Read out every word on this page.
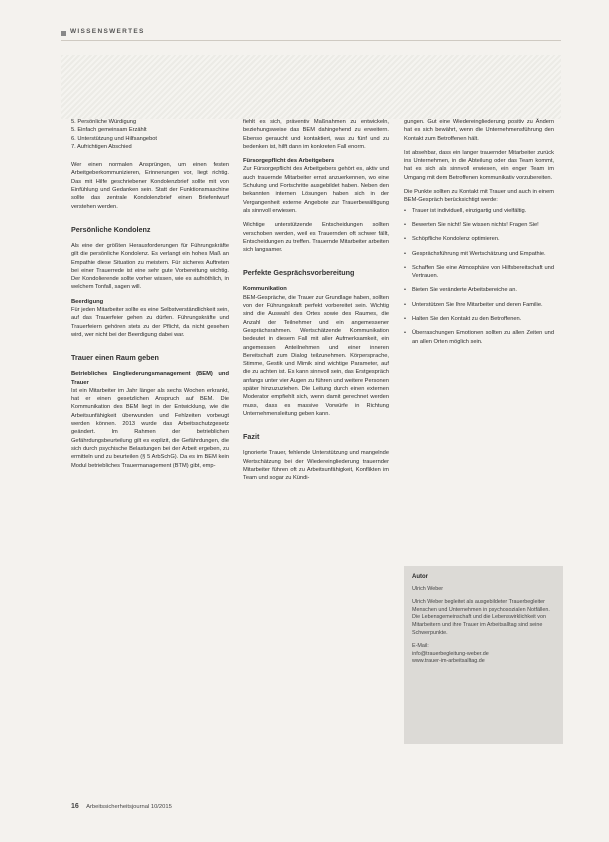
WISSENSWERTES

5. Persönliche Würdigung

5. Einfach gemeinsam Erzählt

6. Unterstützung und Hilfsangebot

7. Aufrichtigen Abschied

Wer einen normalen Ansprüngen, um einen festen Arbeitgeberkommunizieren, Erinnerungen vor, liegt richtig. Das mit Hilfe geschriebener Kondolenzbrief sollte mit von Einfühlung und Gedanken sein. Statt der Funktionsmaschine sollte das zentrale Kondolenzbrief einen Briefentwurf verstehen werden.

Persönliche Kondolenz

Als eine der größten Herausforderungen für Führungskräfte gilt die persönliche Kondolenz. Es verlangt ein hohes Maß an Empathie diese Situation zu meistern. Für sicheres Auftreten bei einer Trauerrede ist eine sehr gute Vorbereitung wichtig. Der Kondolierende sollte vorher wissen, wie es aufnöthlich, in welchem Tonfall, sagen will.

Beerdigung

Für jeden Mitarbeiter sollte es eine Selbstverständlichkeit sein, auf das Trauerfeier gehen zu dürfen. Führungskräfte und Trauerfeiern gehören stets zu der Pflicht, da nicht gesehen wird, wer nicht bei der Beerdigung dabei war.

Trauer einen Raum geben
Betriebliches Eingliederungsmanagement (BEM) und Trauer

Ist ein Mitarbeiter im Jahr länger als sechs Wochen erkrankt, hat er einen gesetzlichen Anspruch auf BEM. Die Kommunikation des BEM liegt in der Entwicklung, wie die Arbeitsunfähigkeit überwunden und Fehlzeiten vorbeugt werden können. 2013 wurde das Arbeitsschutzgesetz geändert. Im Rahmen der betrieblichen Gefährdungsbeurteilung gilt es explizit, die Gefährdungen, die sich durch psychische Belastungen bei der Arbeit ergeben, zu ermitteln und zu beurteilen (§ 5 ArbSchG). Da es im BEM kein Modul betriebliches Trauermanagement (BTM) gibt, emp-

fiehlt es sich, präventiv Maßnahmen zu entwickeln, beziehungsweise das BEM dahingehend zu erweitern. Ebenso geraucht und kontaktiert, was zu fünf und zu bedenken ist, hilft dann im konkreten Fall enorm.

Fürsorgepflicht des Arbeitgebers

Zur Fürsorgepflicht des Arbeitgebers gehört es, aktiv und auch trauernde Mitarbeiter ernst anzuerkennen, wo eine Schulung und Fortschritte ausgebildet haben. Neben den bekannten internen Lösungen haben sich in der Vergangenheit externe Angebote zur Trauerbewältigung als sinnvoll erwiesen.

Wichtige unterstützende Entscheidungen sollten verschoben werden, weil es Trauernden oft schwer fällt, Entscheidungen zu treffen. Trauernde Mitarbeiter arbeiten sich langsamer.

Perfekte Gesprächsvorbereitung
Kommunikation

BEM-Gespräche, die Trauer zur Grundlage haben, sollten von der Führungskraft perfekt vorbereitet sein. Wichtig sind die Auswahl des Ortes sowie des Raumes, die Anzahl der Teilnehmer und ein angemessener Gesprächsrahmen. Wertschätzende Kommunikation bedeutet in diesem Fall mit aller Aufmerksamkeit, ein angemessen Anteilnehmen und einer inneren Bereitschaft zum Dialog teilzunehmen. Körpersprache, Stimme, Gestik und Mimik sind wichtige Parameter, auf die zu achten ist. Es kann sinnvoll sein, das Erstgespräch anfangs unter vier Augen zu führen und weitere Personen später hinzuzuziehen. Die Leitung durch einen externen Moderator empfiehlt sich, wenn damit gerechnet werden muss, dass es massive Vorwürfe in Richtung Unternehmensleitung geben kann.

Fazit

Ignorierte Trauer, fehlende Unterstützung und mangelnde Wertschätzung bei der Wiedereingliederung trauernder Mitarbeiter führen oft zu Arbeitsunfähigkeit, Konflikten im Team und sogar zu Kündi-

gungen. Gut eine Wiedereingliederung positiv zu Ändern hat es sich bewährt, wenn die Unternehmensführung den Kontakt zum Betroffenen hält.

Ist absehbar, dass ein langer trauernder Mitarbeiter zurück ins Unternehmen, in die Abteilung oder das Team kommt, hat es sich als sinnvoll erwiesen, ein enger Team im Umgang mit dem Betroffenen kommunikativ vorzubereiten.

Die Punkte sollten zu Kontakt mit Trauer und auch in einem BEM-Gespräch berücksichtigt werde:

• Trauer ist individuell, einzigartig und vielfältig.

• Bewerten Sie nicht! Sie wissen nichts! Fragen Sie!

• Schöpfliche Kondolenz optimieren.

• Gesprächsführung mit Wertschätzung und Empathie.

• Schaffen Sie eine Atmosphäre von Hilfsbereitschaft und Vertrauen.

• Bieten Sie veränderte Arbeitsbereiche an.

• Unterstützen Sie Ihre Mitarbeiter und deren Familie.

• Halten Sie den Kontakt zu den Betroffenen.

• Überraschungen Emotionen sollten zu allen Zeiten und an allen Orten möglich sein.

Autor

Ulrich Weber

Ulrich Weber begleitet als ausgebildeter Trauerbegleiter Menschen und Unternehmen in psychosozialen Notfällen. Die Lebensgemeinschaft und die Lebenswirklichkeit von Mitarbeitern und ihre Trauer im Arbeitsalltag sind seine Schwerpunkte.

E-Mail:

info@trauerbegleitung-weber.de

www.trauer-im-arbeitsalltag.de

16 Arbeitssicherheitsjournal 10/2015
